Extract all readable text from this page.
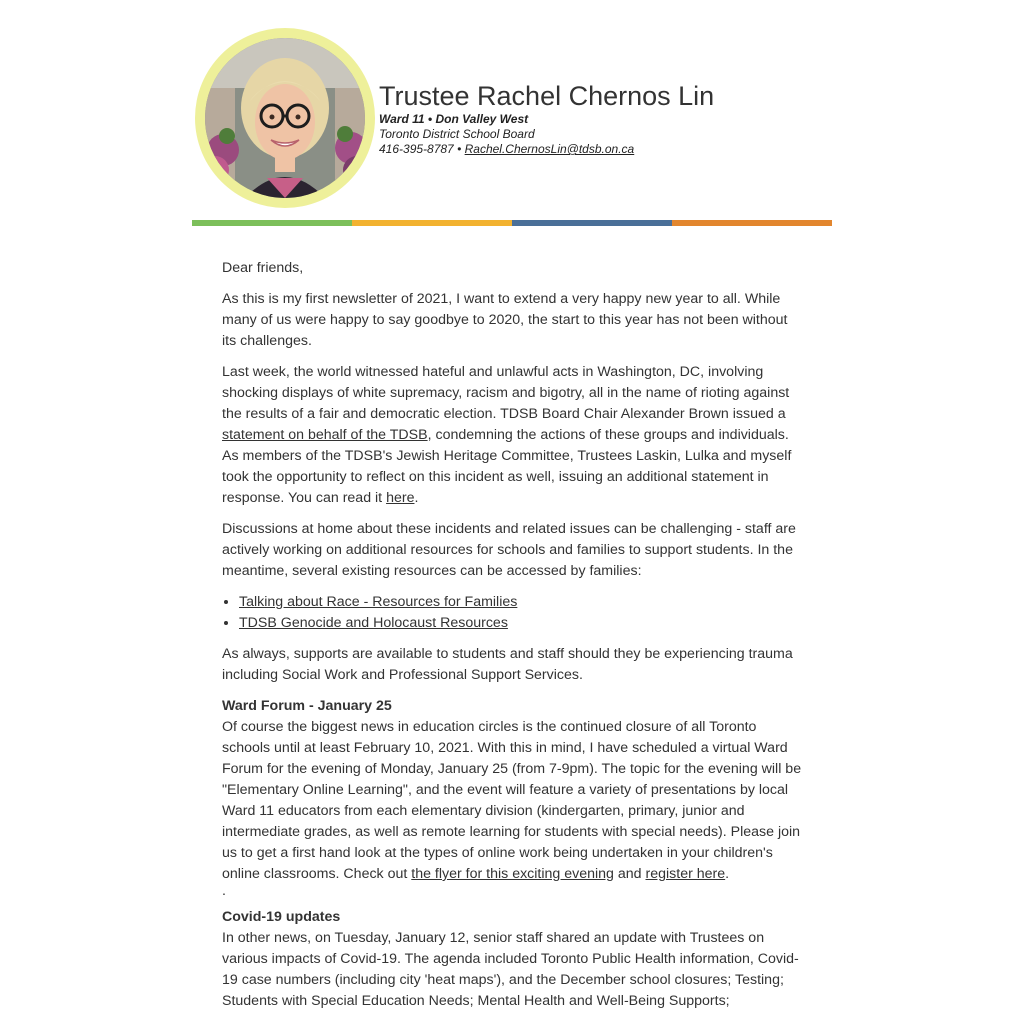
Trustee Rachel Chernos Lin
Ward 11 • Don Valley West
Toronto District School Board
416-395-8787 • Rachel.ChernosLin@tdsb.on.ca

Dear friends,

As this is my first newsletter of 2021, I want to extend a very happy new year to all. While many of us were happy to say goodbye to 2020, the start to this year has not been without its challenges.

Last week, the world witnessed hateful and unlawful acts in Washington, DC, involving shocking displays of white supremacy, racism and bigotry, all in the name of rioting against the results of a fair and democratic election. TDSB Board Chair Alexander Brown issued a statement on behalf of the TDSB, condemning the actions of these groups and individuals. As members of the TDSB's Jewish Heritage Committee, Trustees Laskin, Lulka and myself took the opportunity to reflect on this incident as well, issuing an additional statement in response. You can read it here.

Discussions at home about these incidents and related issues can be challenging - staff are actively working on additional resources for schools and families to support students. In the meantime, several existing resources can be accessed by families:

• Talking about Race - Resources for Families
• TDSB Genocide and Holocaust Resources

As always, supports are available to students and staff should they be experiencing trauma including Social Work and Professional Support Services.

Ward Forum - January 25

Of course the biggest news in education circles is the continued closure of all Toronto schools until at least February 10, 2021. With this in mind, I have scheduled a virtual Ward Forum for the evening of Monday, January 25 (from 7-9pm). The topic for the evening will be "Elementary Online Learning", and the event will feature a variety of presentations by local Ward 11 educators from each elementary division (kindergarten, primary, junior and intermediate grades, as well as remote learning for students with special needs). Please join us to get a first hand look at the types of online work being undertaken in your children's online classrooms. Check out the flyer for this exciting evening and register here.

.

Covid-19 updates

In other news, on Tuesday, January 12, senior staff shared an update with Trustees on various impacts of Covid-19. The agenda included Toronto Public Health information, Covid-19 case numbers (including city 'heat maps'), and the December school closures; Testing; Students with Special Education Needs; Mental Health and Well-Being Supports;
